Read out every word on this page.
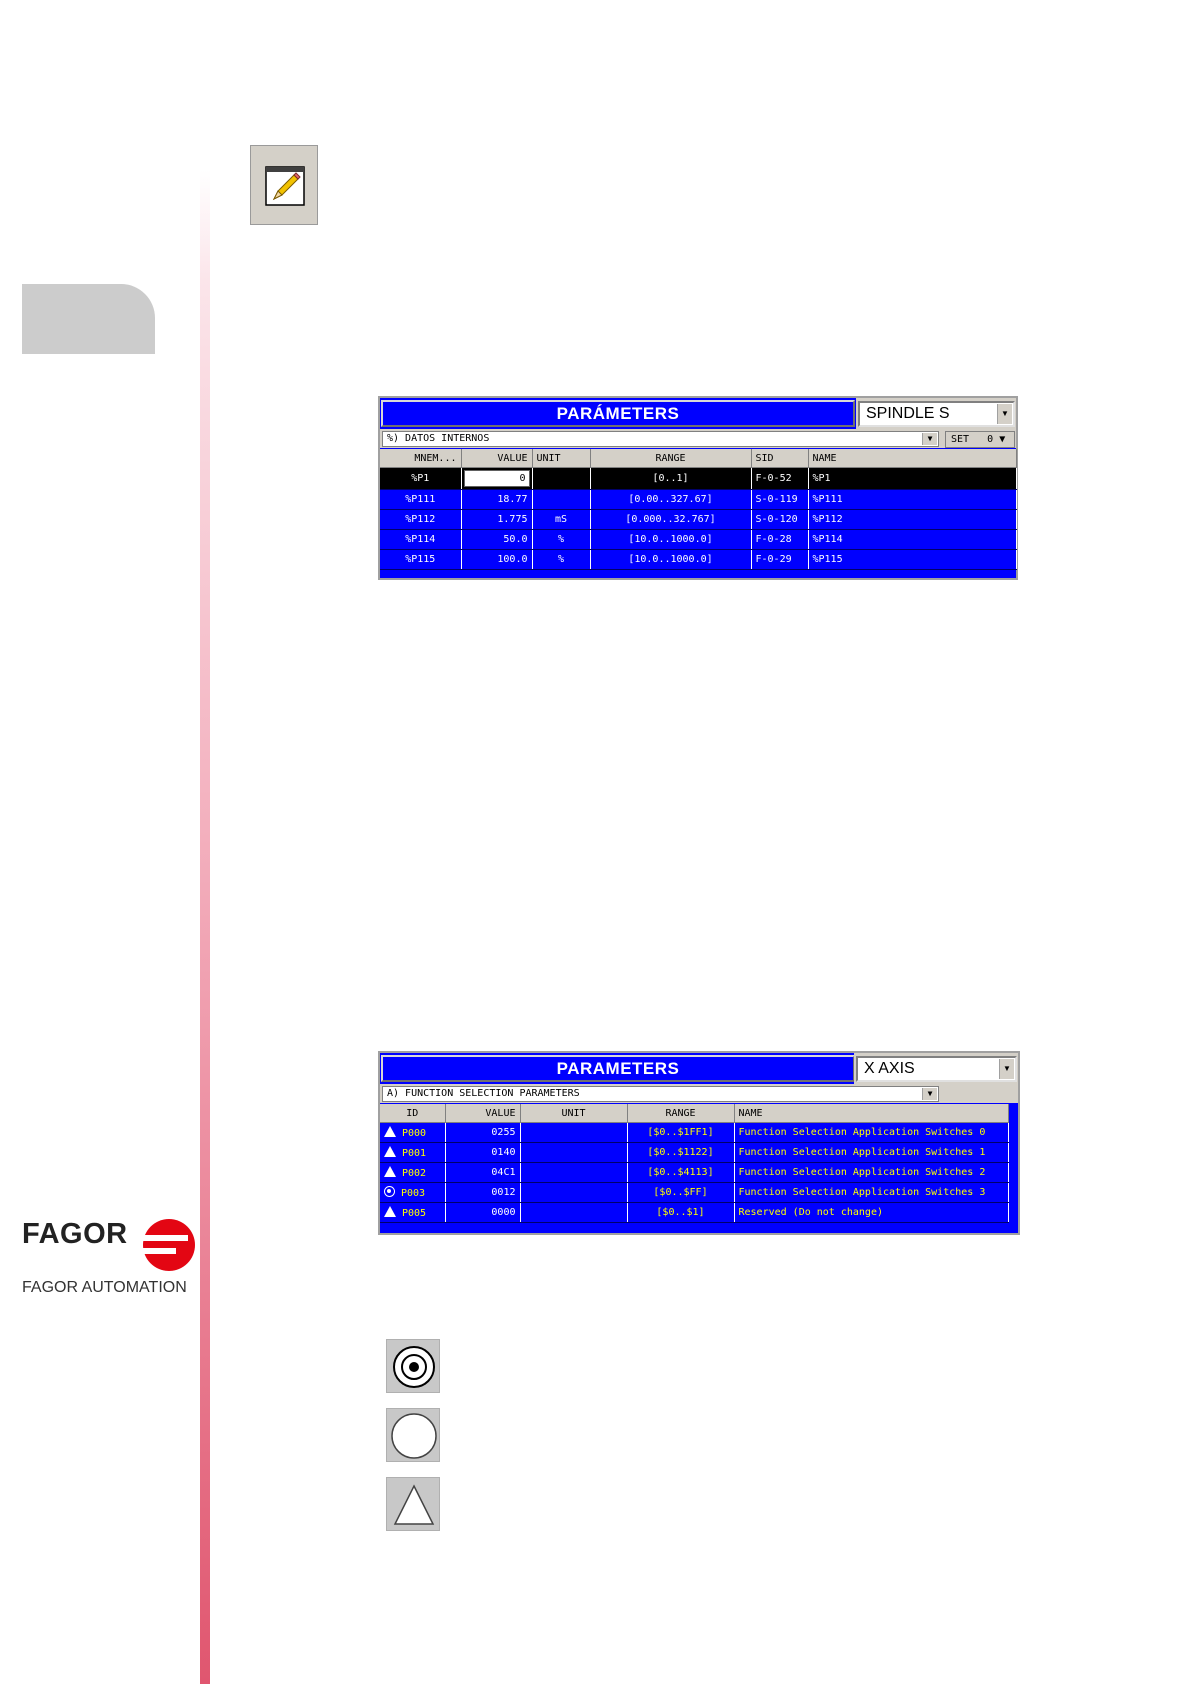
PARÁMETERS	SPINDLE S	▼
%) DATOS INTERNOS	▼	SET 0 ▼
MNEM...	VALUE	UNIT	RANGE	SID	NAME
%P1	0		[0..1]	F-0-52	%P1
%P111	18.77		[0.00..327.67]	S-0-119	%P111
%P112	1.775	mS	[0.000..32.767]	S-0-120	%P112
%P114	50.0	%	[10.0..1000.0]	F-0-28	%P114
%P115	100.0	%	[10.0..1000.0]	F-0-29	%P115
PARAMETERS	X AXIS	▼
A) FUNCTION SELECTION PARAMETERS	▼
ID	VALUE	UNIT	RANGE	NAME
P000	0255		[$0..$1FF1]	Function Selection Application Switches 0
P001	0140		[$0..$1122]	Function Selection Application Switches 1
P002	04C1		[$0..$4113]	Function Selection Application Switches 2
P003	0012		[$0..$FF]	Function Selection Application Switches 3
P005	0000		[$0..$1]	Reserved (Do not change)
FAGOR
FAGOR AUTOMATION
